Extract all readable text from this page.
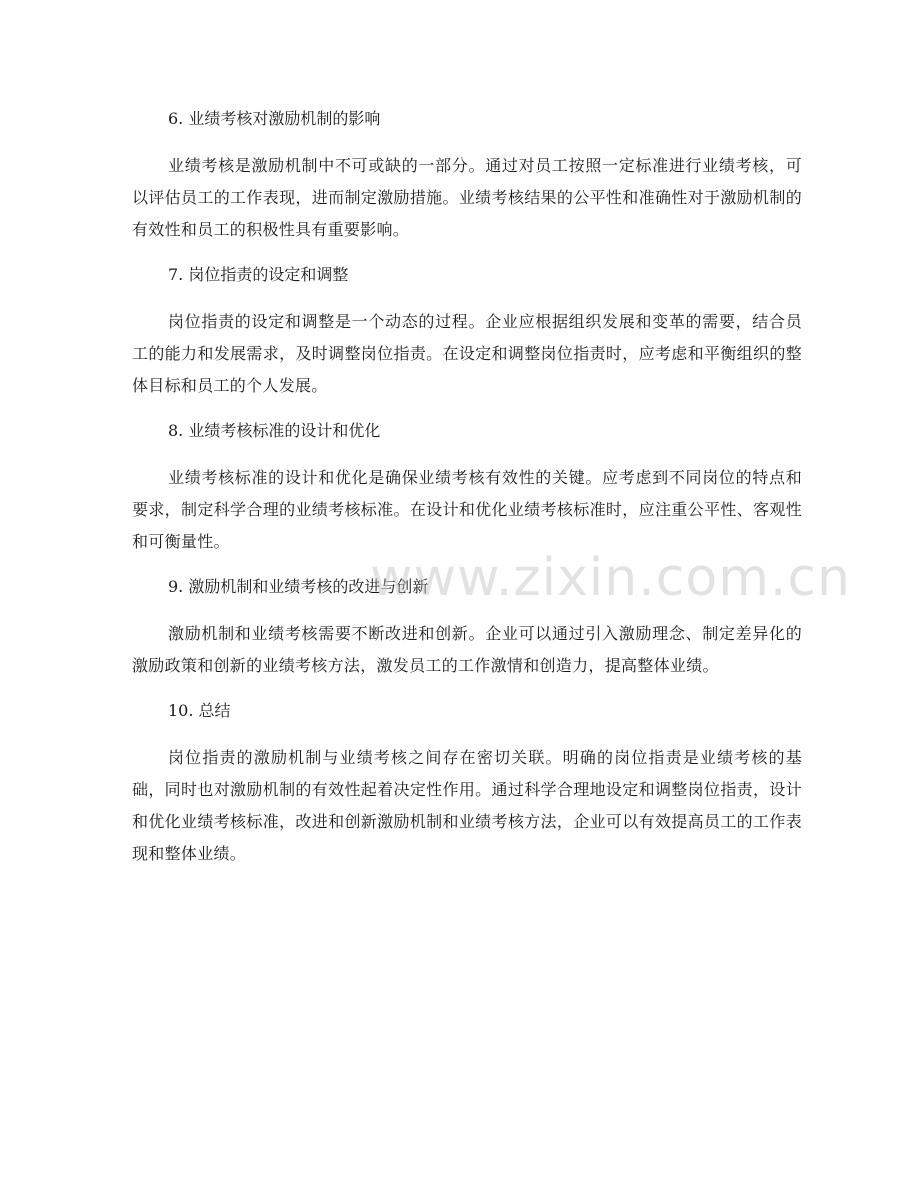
6. 业绩考核对激励机制的影响

业绩考核是激励机制中不可或缺的一部分。通过对员工按照一定标准进行业绩考核，可以评估员工的工作表现，进而制定激励措施。业绩考核结果的公平性和准确性对于激励机制的有效性和员工的积极性具有重要影响。

7. 岗位指责的设定和调整

岗位指责的设定和调整是一个动态的过程。企业应根据组织发展和变革的需要，结合员工的能力和发展需求，及时调整岗位指责。在设定和调整岗位指责时，应考虑和平衡组织的整体目标和员工的个人发展。

8. 业绩考核标准的设计和优化

业绩考核标准的设计和优化是确保业绩考核有效性的关键。应考虑到不同岗位的特点和要求，制定科学合理的业绩考核标准。在设计和优化业绩考核标准时，应注重公平性、客观性和可衡量性。

9. 激励机制和业绩考核的改进与创新

激励机制和业绩考核需要不断改进和创新。企业可以通过引入激励理念、制定差异化的激励政策和创新的业绩考核方法，激发员工的工作激情和创造力，提高整体业绩。

10. 总结

岗位指责的激励机制与业绩考核之间存在密切关联。明确的岗位指责是业绩考核的基础，同时也对激励机制的有效性起着决定性作用。通过科学合理地设定和调整岗位指责，设计和优化业绩考核标准，改进和创新激励机制和业绩考核方法，企业可以有效提高员工的工作表现和整体业绩。

www.zixin.com.cn
